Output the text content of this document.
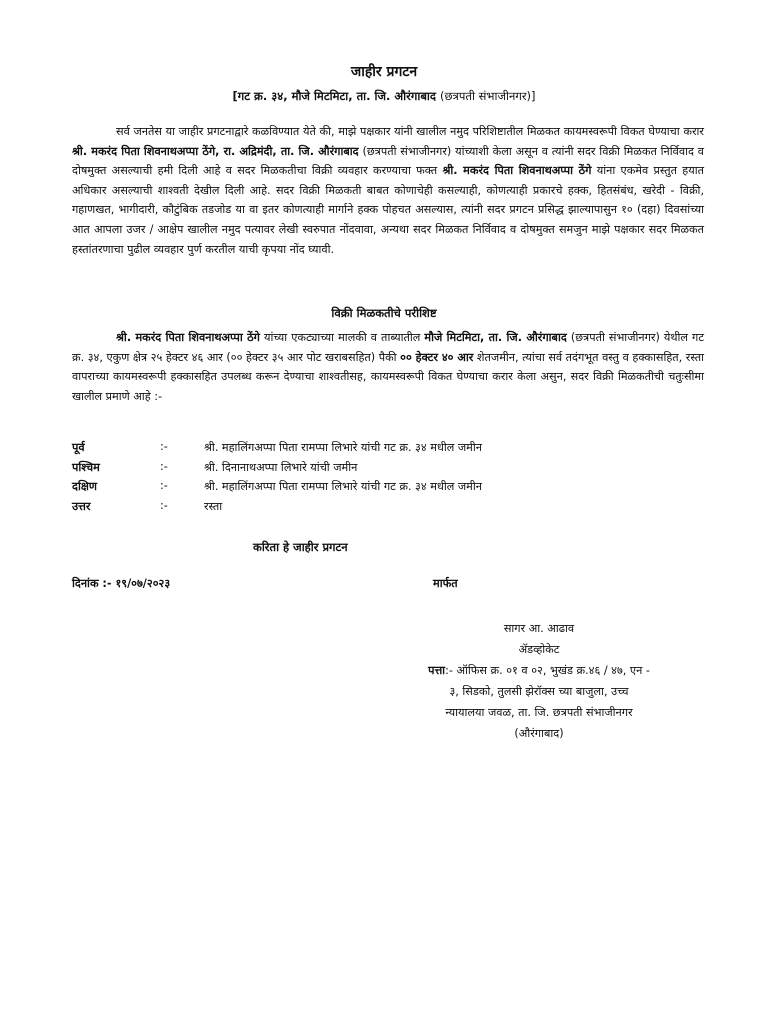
जाहीर प्रगटन
[गट क्र. ३४, मौजे मिटमिटा, ता. जि. औरंगाबाद (छत्रपती संभाजीनगर)]

सर्व जनतेस या जाहीर प्रगटनाद्वारे कळविण्यात येते की, माझे पक्षकार यांनी खालील नमुद परिशिष्टातील मिळकत कायमस्वरूपी विकत घेण्याचा करार श्री. मकरंद पिता शिवनाथअप्पा ठेंगे, रा. अद्रिमंदी, ता. जि. औरंगाबाद (छत्रपती संभाजीनगर) यांच्याशी केला असून व त्यांनी सदर विक्री मिळकत निर्विवाद व दोषमुक्त असल्याची हमी दिली आहे व सदर मिळकतीचा विक्री व्यवहार करण्याचा फक्त श्री. मकरंद पिता शिवनाथअप्पा ठेंगे यांना एकमेव प्रस्तुत हयात अधिकार असल्याची शाश्वती देखील दिली आहे. सदर विक्री मिळकती बाबत कोणाचेही कसल्याही, कोणत्याही प्रकारचे हक्क, हितसंबंध, खरेदी - विक्री, गहाणखत, भागीदारी, कौटुंबिक तडजोड या वा इतर कोणत्याही मार्गाने हक्क पोहचत असल्यास, त्यांनी सदर प्रगटन प्रसिद्ध झाल्यापासुन १० (दहा) दिवसांच्या आत आपला उजर / आक्षेप खालील नमुद पत्यावर लेखी स्वरुपात नोंदवावा, अन्यथा सदर मिळकत निर्विवाद व दोषमुक्त समजुन माझे पक्षकार सदर मिळकत हस्तांतरणाचा पुढील व्यवहार पुर्ण करतील याची कृपया नोंद घ्यावी.

विक्री मिळकतीचे परीशिष्ट

श्री. मकरंद पिता शिवनाथअप्पा ठेंगे यांच्या एकट्याच्या मालकी व ताब्यातील मौजे मिटमिटा, ता. जि. औरंगाबाद (छत्रपती संभाजीनगर) येथील गट क्र. ३४, एकुण क्षेत्र २५ हेक्टर ४६ आर (०० हेक्टर ३५ आर पोट खराबसहित) पैकी ०० हेक्टर ४० आर शेतजमीन, त्यांचा सर्व तदंगभूत वस्तु व हक्कासहित, रस्ता वापराच्या कायमस्वरूपी हक्कासहित उपलब्ध करून देण्याचा शाश्वतीसह, कायमस्वरूपी विकत घेण्याचा करार केला असुन, सदर विक्री मिळकतीची चतुःसीमा खालील प्रमाणे आहे :-

पूर्व	:-	श्री. महालिंगअप्पा पिता रामप्पा लिभारे यांची गट क्र. ३४ मधील जमीन
पश्चिम	:-	श्री. दिनानाथअप्पा लिभारे यांची जमीन
दक्षिण	:-	श्री. महालिंगअप्पा पिता रामप्पा लिभारे यांची गट क्र. ३४ मधील जमीन
उत्तर	:-	रस्ता
करिता हे जाहीर प्रगटन
दिनांक :- १९/०७/२०२३	मार्फत
सागर आ. आढाव
ॲडव्होकेट
पत्ता:- ऑफिस क्र. ०१ व ०२, भुखंड क्र.४६ / ४७, एन -
३, सिडको, तुलसी झेरॉक्स च्या बाजुला, उच्च
न्यायालया जवळ, ता. जि. छत्रपती संभाजीनगर
(औरंगाबाद)
